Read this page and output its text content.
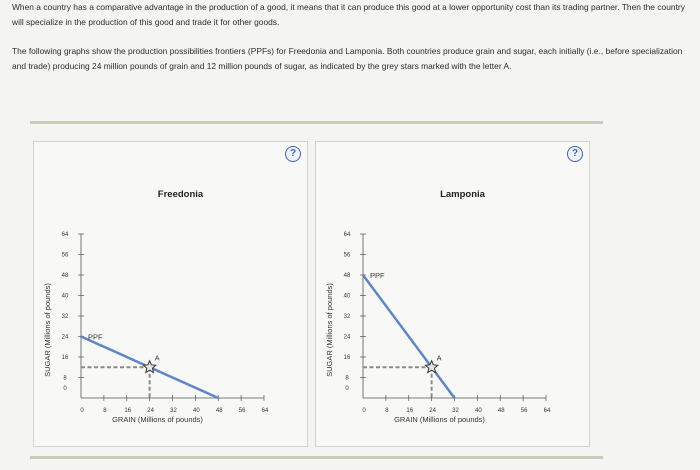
When a country has a comparative advantage in the production of a good, it means that it can produce this good at a lower opportunity cost than its trading partner. Then the country will specialize in the production of this good and trade it for other goods.

The following graphs show the production possibilities frontiers (PPFs) for Freedonia and Lamponia. Both countries produce grain and sugar, each initially (i.e., before specialization and trade) producing 24 million pounds of grain and 12 million pounds of sugar, as indicated by the grey stars marked with the letter A.

?
Freedonia
0	8	16	24	32	40	48	56	64
0
8
16
24
32
40
48
56
64
GRAIN (Millions of pounds)
SUGAR (Millions of pounds)	PPF
A
?
Lamponia
0	8	16	24	32	40	48	56	64
0
8
16
24
32
40
48
56
64
GRAIN (Millions of pounds)
SUGAR (Millions of pounds)
PPF
A
